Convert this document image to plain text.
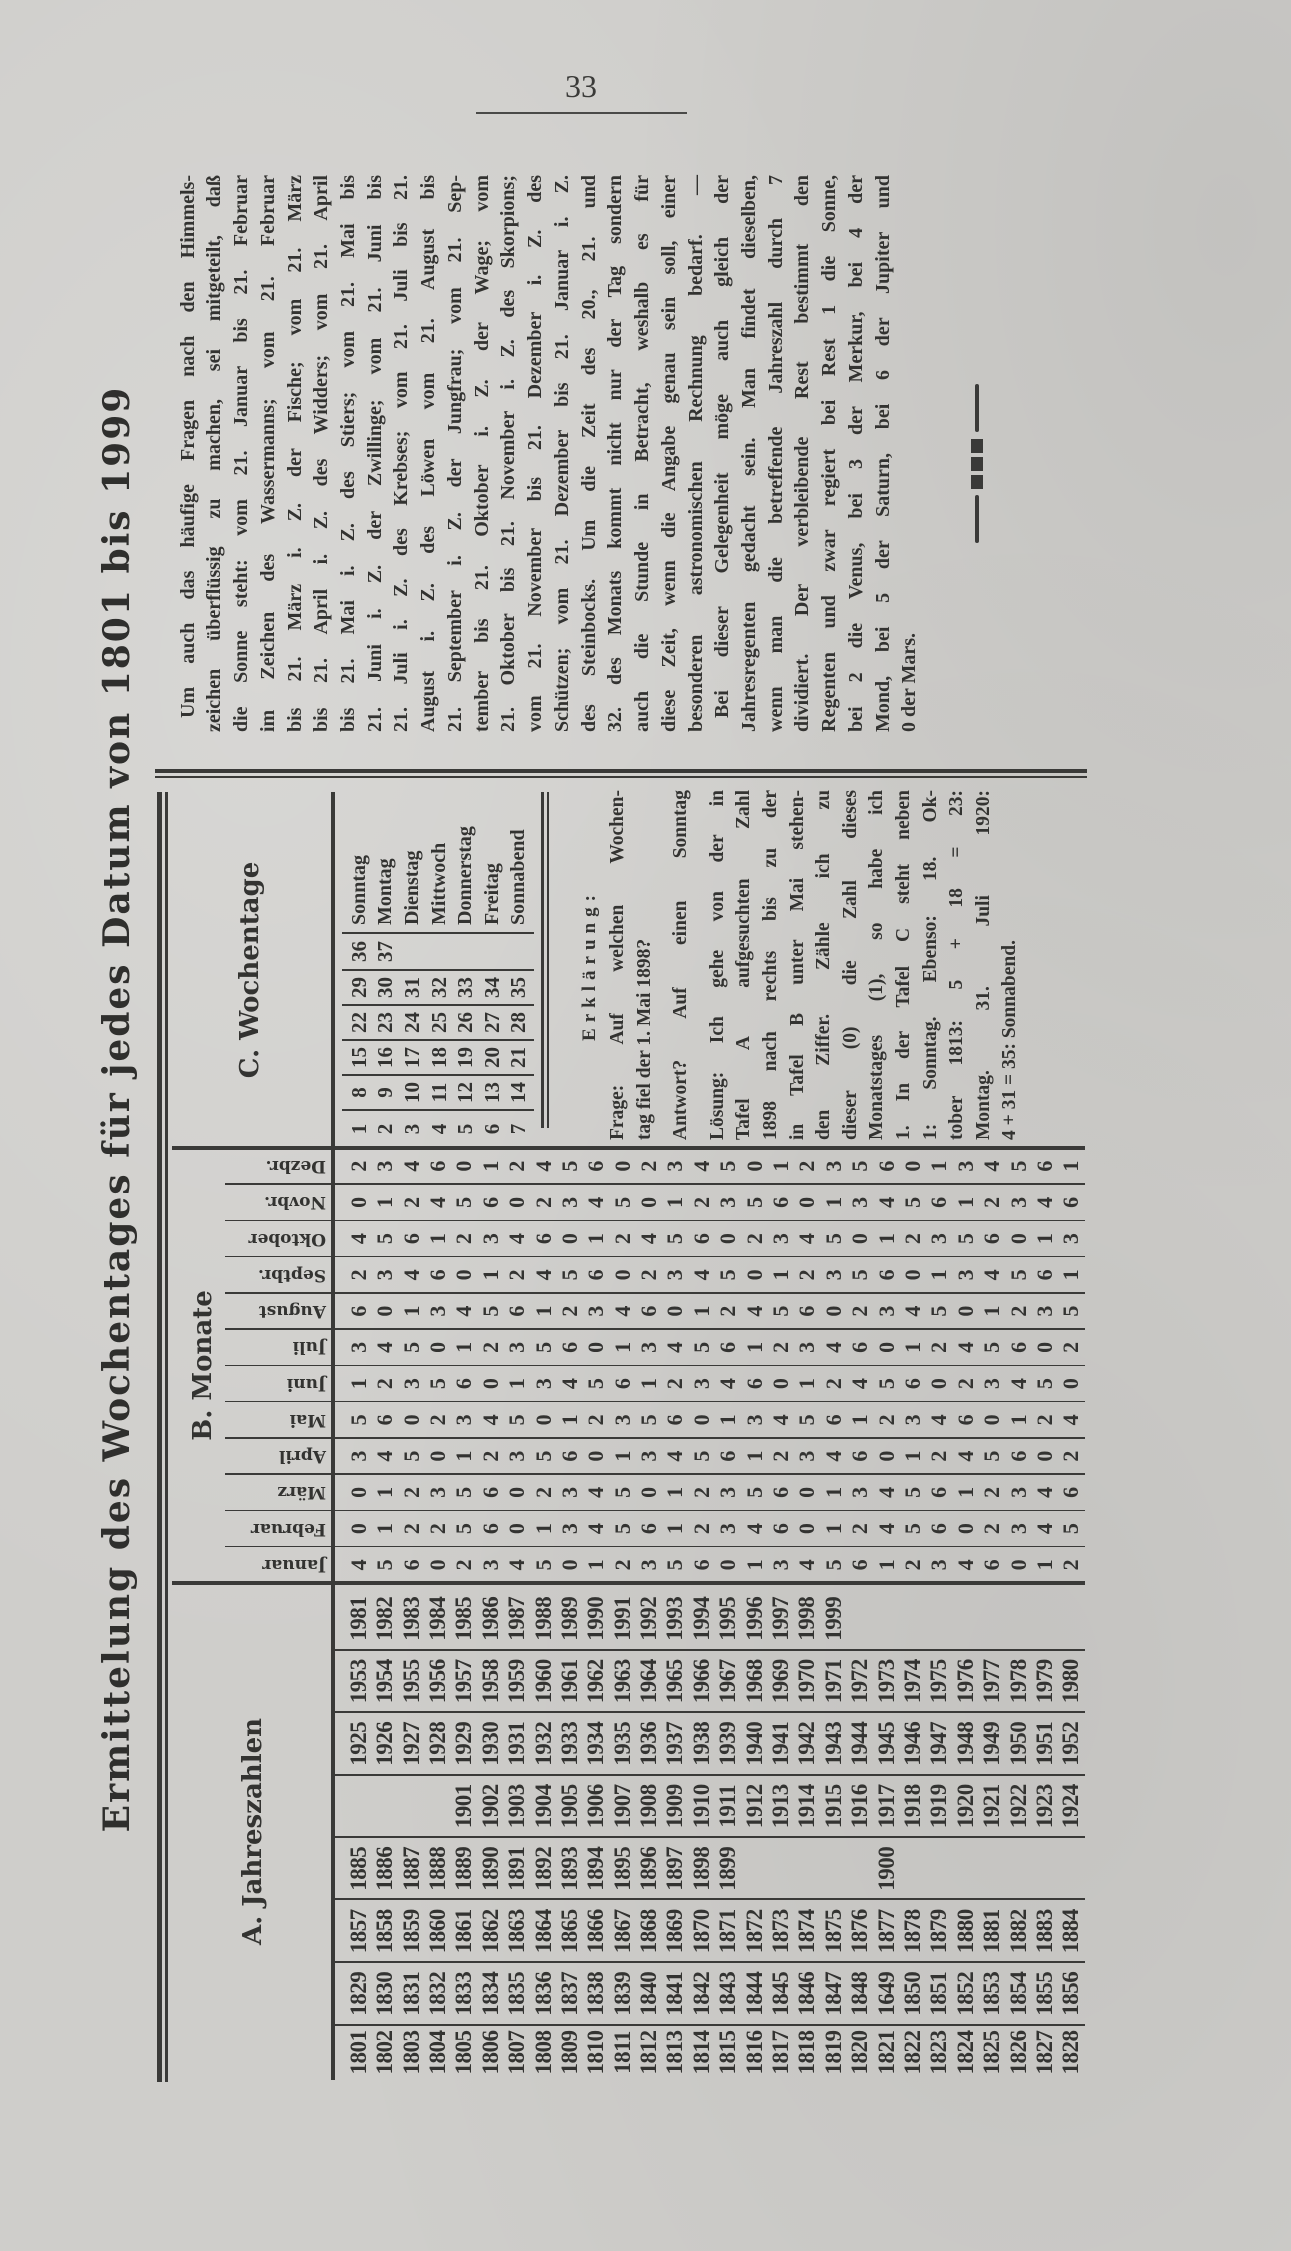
33
Ermittelung des Wochentages für jedes Datum von 1801 bis 1999	A. Jahreszahlen
B. Monate
C. Wochentage
Januar
Februar
März
April
Mai
Juni
Juli
August
Septbr.
Oktober
Novbr.
Dezbr.
1801
1829
1857
1885
1925
1953
1981
1802
1830
1858
1886
1926
1954
1982
1803
1831
1859
1887
1927
1955
1983
1804
1832
1860
1888
1928
1956
1984
1805
1833
1861
1889
1901
1929
1957
1985
1806
1834
1862
1890
1902
1930
1958
1986
1807
1835
1863
1891
1903
1931
1959
1987
1808
1836
1864
1892
1904
1932
1960
1988
1809
1837
1865
1893
1905
1933
1961
1989
1810
1838
1866
1894
1906
1934
1962
1990
1811
1839
1867
1895
1907
1935
1963
1991
1812
1840
1868
1896
1908
1936
1964
1992
1813
1841
1869
1897
1909
1937
1965
1993
1814
1842
1870
1898
1910
1938
1966
1994
1815
1843
1871
1899
1911
1939
1967
1995
1816
1844
1872
1912
1940
1968
1996
1817
1845
1873
1913
1941
1969
1997
1818
1846
1874
1914
1942
1970
1998
1819
1847
1875
1915
1943
1971
1999
1820
1848
1876
1916
1944
1972
1821
1649
1877
1900
1917
1945
1973
1822
1850
1878
1918
1946
1974
1823
1851
1879
1919
1947
1975
1824
1852
1880
1920
1948
1976
1825
1853
1881
1921
1949
1977
1826
1854
1882
1922
1950
1978
1827
1855
1883
1923
1951
1979
1828
1856
1884
1924
1952
1980
4
0
0
3
5
1
3
6
2
4
0
2
5
1
1
4
6
2
4
0
3
5
1
3
6
2
2
5
0
3
5
1
4
6
2
4
0
2
3
0
2
5
0
3
6
1
4
6
2
5
5
1
3
6
1
4
0
2
5
0
3
6
6
2
4
0
2
5
1
3
6
1
4
0
0
3
5
1
3
6
2
4
0
2
5
1
2
5
0
3
5
1
4
6
2
4
0
3
3
6
1
4
6
2
5
0
3
5
1
4
4
0
2
5
0
3
6
1
4
6
2
5
5
1
3
6
1
4
0
2
5
0
3
6
0
3
5
1
3
6
2
4
0
2
5
1
1
4
6
2
4
0
3
5
1
3
6
2
2
5
0
3
5
1
4
6
2
4
0
3
3
6
1
4
6
2
5
0
3
5
1
4
5
1
3
6
1
4
0
2
5
0
3
6
6
2
4
0
2
5
1
3
6
1
4
0
0
3
5
1
3
6
2
4
0
2
5
1
1
4
6
2
4
0
3
5
1
3
6
2
3
6
1
4
6
2
5
0
3
5
1
4
4
0
2
5
0
3
6
1
4
6
2
5
5
1
3
6
1
4
0
2
5
0
3
6
6
2
4
0
2
5
1
3
6
1
4
0
1
4
6
2
4
0
3
5
1
3
6
2
2
5
0
3
5
1
4
6
2
4
0
3
3
6
1
4
6
2
5
0
3
5
1
4
4
0
2
5
0
3
6
1
4
6
2
5
6
2
4
0
2
5
1
3
6
1
1
8
15
22
29
36
Sonntag
2
9
16
23
30
37
Montag
3
10
17
24
31
Dienstag
4
11
18
25
32
Mittwoch
5
12
19
26
33
Donnerstag
6
13
20
27
34
Freitag
7
14
21
28
35
Sonnabend
Erklärung: Frage: Auf welchen Wochen- tag fiel der 1. Mai 1898? Antwort? Auf einen Sonntag Lösung: Ich gehe von der in Tafel A aufgesuchten Zahl 1898 nach rechts bis zu der in Tafel B unter Mai stehen- den Ziffer. Zähle ich zu dieser (0) die Zahl dieses Monatstages (1), so habe ich 1. In der Tafel C steht neben 1: Sonntag. Ebenso: 18. Ok- tober 1813: 5 + 18 = 23: Montag. 31. Juli 1920: 4 + 31 = 35: Sonnabend.
Um auch das häufige Fragen nach den Himmels- zeichen überflüssig zu machen, sei mitgeteilt, daß die Sonne steht: vom 21. Januar bis 21. Februar im Zeichen des Wassermanns; vom 21. Februar bis 21. März i. Z. der Fische; vom 21. März bis 21. April i. Z. des Widders; vom 21. April bis 21. Mai i. Z. des Stiers; vom 21. Mai bis 21. Juni i. Z. der Zwillinge; vom 21. Juni bis 21. Juli i. Z. des Krebses; vom 21. Juli bis 21. August i. Z. des Löwen vom 21. August bis 21. September i. Z. der Jungfrau; vom 21. Sep- tember bis 21. Oktober i. Z. der Wage; vom 21. Oktober bis 21. November i. Z. des Skorpions; vom 21. November bis 21. Dezember i. Z. des Schützen; vom 21. Dezember bis 21. Januar i. Z. des Steinbocks. Um die Zeit des 20., 21. und 32. des Monats kommt nicht nur der Tag sondern auch die Stunde in Betracht, weshalb es für diese Zeit, wenn die Angabe genau sein soll, einer besonderen astronomischen Rechnung bedarf. — Bei dieser Gelegenheit möge auch gleich der Jahresregenten gedacht sein. Man findet dieselben, wenn man die betreffende Jahreszahl durch 7 dividiert. Der verbleibende Rest bestimmt den Regenten und zwar regiert bei Rest 1 die Sonne, bei 2 die Venus, bei 3 der Merkur, bei 4 der Mond, bei 5 der Saturn, bei 6 der Jupiter und 0 der Mars.
